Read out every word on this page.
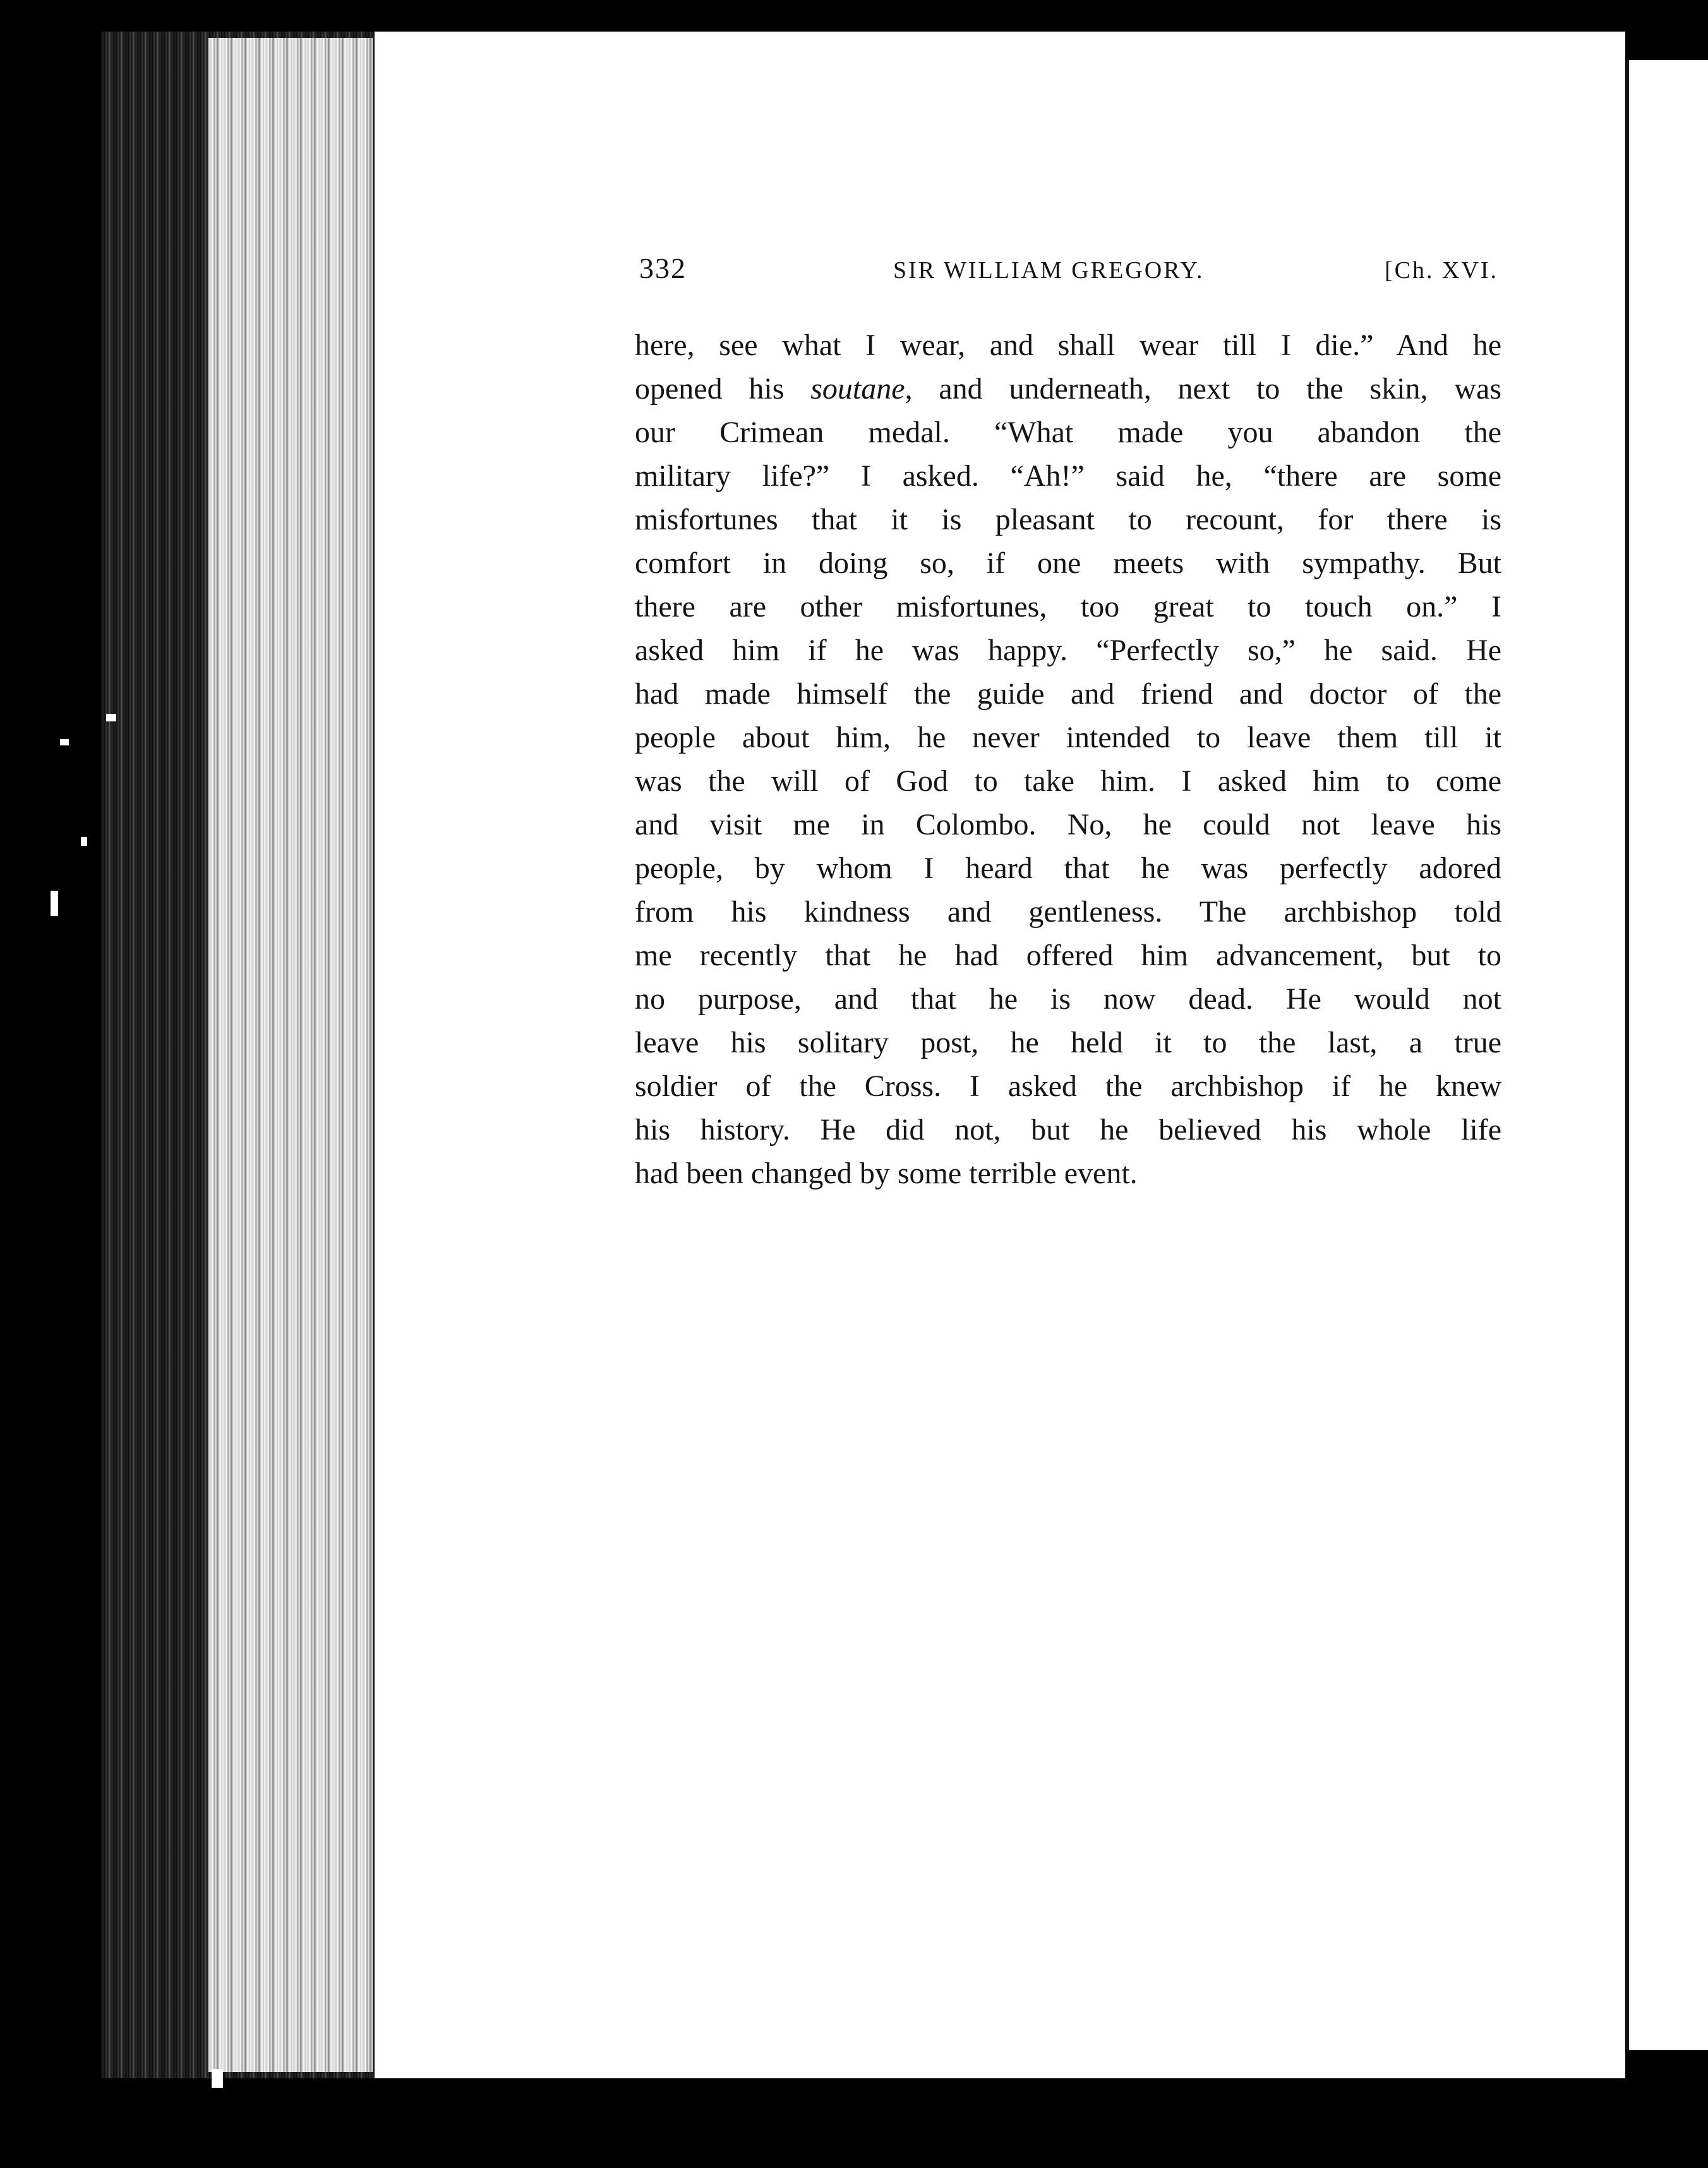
332	SIR WILLIAM GREGORY.	[Ch. XVI.
here, see what I wear, and shall wear till I die.” And he
opened his soutane, and underneath, next to the skin, was
our Crimean medal. “What made you abandon the
military life?” I asked. “Ah!” said he, “there are some
misfortunes that it is pleasant to recount, for there is
comfort in doing so, if one meets with sympathy. But
there are other misfortunes, too great to touch on.” I
asked him if he was happy. “Perfectly so,” he said. He
had made himself the guide and friend and doctor of the
people about him, he never intended to leave them till it
was the will of God to take him. I asked him to come
and visit me in Colombo. No, he could not leave his
people, by whom I heard that he was perfectly adored
from his kindness and gentleness. The archbishop told
me recently that he had offered him advancement, but to
no purpose, and that he is now dead. He would not
leave his solitary post, he held it to the last, a true
soldier of the Cross. I asked the archbishop if he knew
his history. He did not, but he believed his whole life
had been changed by some terrible event.
